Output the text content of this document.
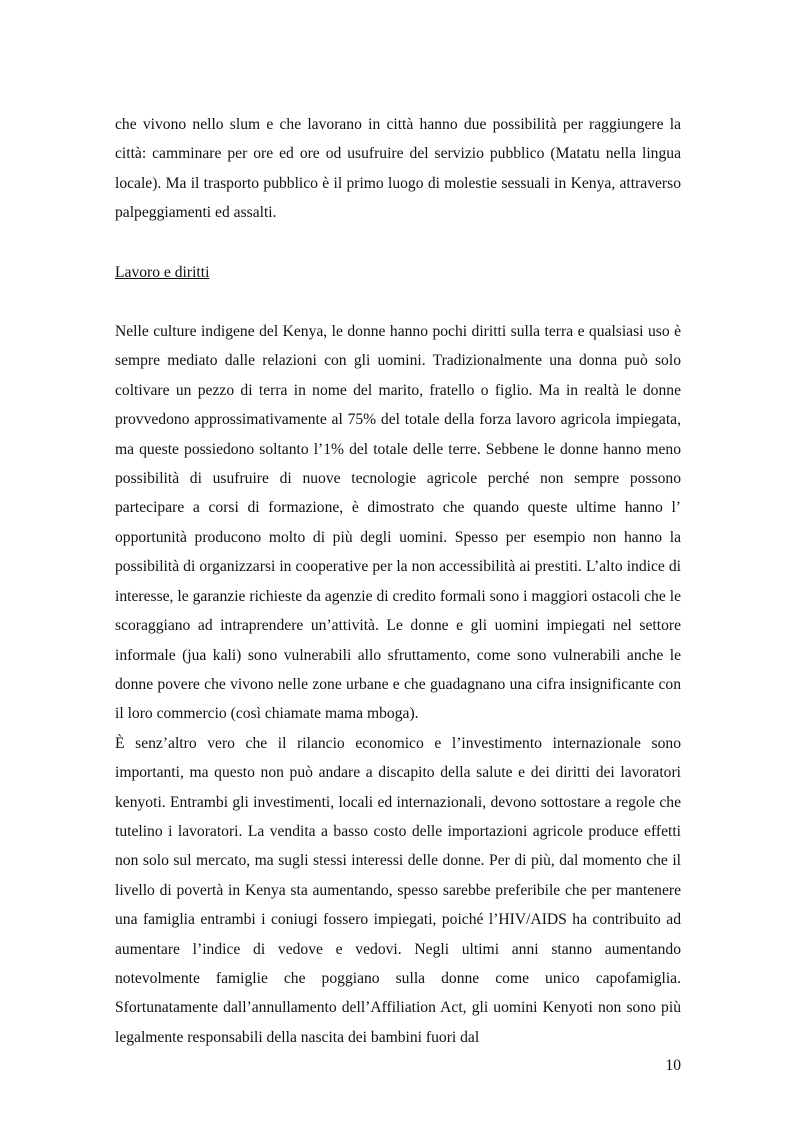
che vivono nello slum e che lavorano in città hanno due possibilità per raggiungere la città: camminare per ore ed ore od usufruire del servizio pubblico (Matatu nella lingua locale). Ma il trasporto pubblico è il primo luogo di molestie sessuali in Kenya, attraverso palpeggiamenti ed assalti.

Lavoro e diritti

Nelle culture indigene del Kenya, le donne hanno pochi diritti sulla terra e qualsiasi uso è sempre mediato dalle relazioni con gli uomini. Tradizionalmente una donna può solo coltivare un pezzo di terra in nome del marito, fratello o figlio. Ma in realtà le donne provvedono approssimativamente al 75% del totale della forza lavoro agricola impiegata, ma queste possiedono soltanto l’1% del totale delle terre. Sebbene le donne hanno meno possibilità di usufruire di nuove tecnologie agricole perché non sempre possono partecipare a corsi di formazione, è dimostrato che quando queste ultime hanno l’ opportunità producono molto di più degli uomini. Spesso per esempio non hanno la possibilità di organizzarsi in cooperative per la non accessibilità ai prestiti. L’alto indice di interesse, le garanzie richieste da agenzie di credito formali sono i maggiori ostacoli che le scoraggiano ad intraprendere un’attività. Le donne e gli uomini impiegati nel settore informale (jua kali) sono vulnerabili allo sfruttamento, come sono vulnerabili anche le donne povere che vivono nelle zone urbane e che guadagnano una cifra insignificante con il loro commercio (così chiamate mama mboga).

È senz’altro vero che il rilancio economico e l’investimento internazionale sono importanti, ma questo non può andare a discapito della salute e dei diritti dei lavoratori kenyoti. Entrambi gli investimenti, locali ed internazionali, devono sottostare a regole che tutelino i lavoratori. La vendita a basso costo delle importazioni agricole produce effetti non solo sul mercato, ma sugli stessi interessi delle donne. Per di più, dal momento che il livello di povertà in Kenya sta aumentando, spesso sarebbe preferibile che per mantenere una famiglia entrambi i coniugi fossero impiegati, poiché l’HIV/AIDS ha contribuito ad aumentare l’indice di vedove e vedovi. Negli ultimi anni stanno aumentando notevolmente famiglie che poggiano sulla donne come unico capofamiglia. Sfortunatamente dall’annullamento dell’Affiliation Act, gli uomini Kenyoti non sono più legalmente responsabili della nascita dei bambini fuori dal

10
